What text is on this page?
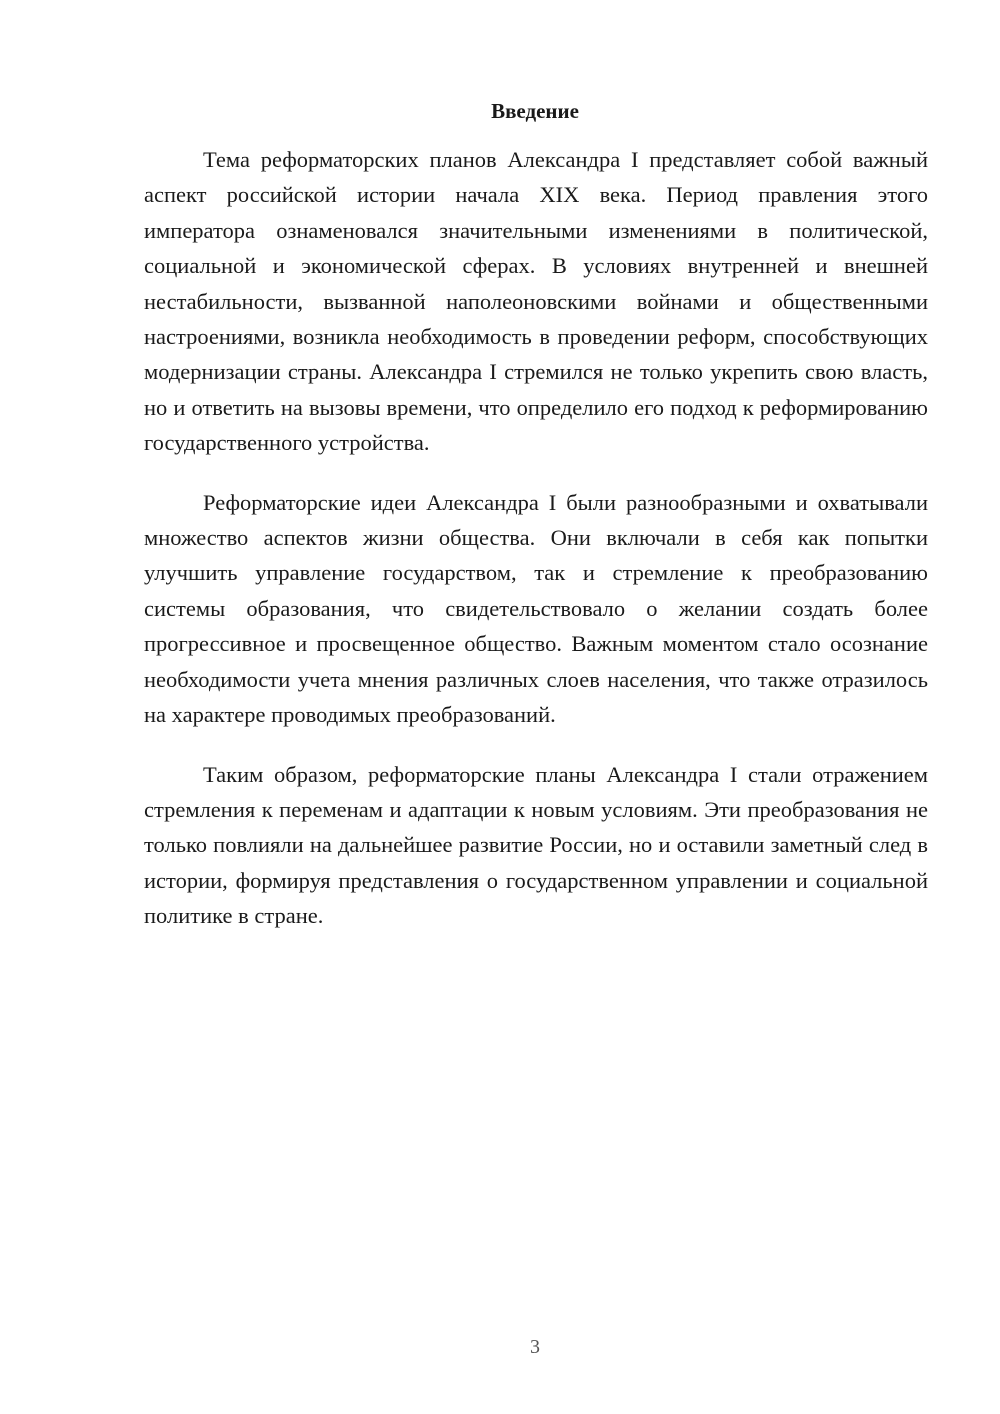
Введение

Тема реформаторских планов Александра I представляет собой важный аспект российской истории начала XIX века. Период правления этого императора ознаменовался значительными изменениями в политической, социальной и экономической сферах. В условиях внутренней и внешней нестабильности, вызванной наполеоновскими войнами и общественными настроениями, возникла необходимость в проведении реформ, способствующих модернизации страны. Александра I стремился не только укрепить свою власть, но и ответить на вызовы времени, что определило его подход к реформированию государственного устройства.

Реформаторские идеи Александра I были разнообразными и охватывали множество аспектов жизни общества. Они включали в себя как попытки улучшить управление государством, так и стремление к преобразованию системы образования, что свидетельствовало о желании создать более прогрессивное и просвещенное общество. Важным моментом стало осознание необходимости учета мнения различных слоев населения, что также отразилось на характере проводимых преобразований.

Таким образом, реформаторские планы Александра I стали отражением стремления к переменам и адаптации к новым условиям. Эти преобразования не только повлияли на дальнейшее развитие России, но и оставили заметный след в истории, формируя представления о государственном управлении и социальной политике в стране.

3
